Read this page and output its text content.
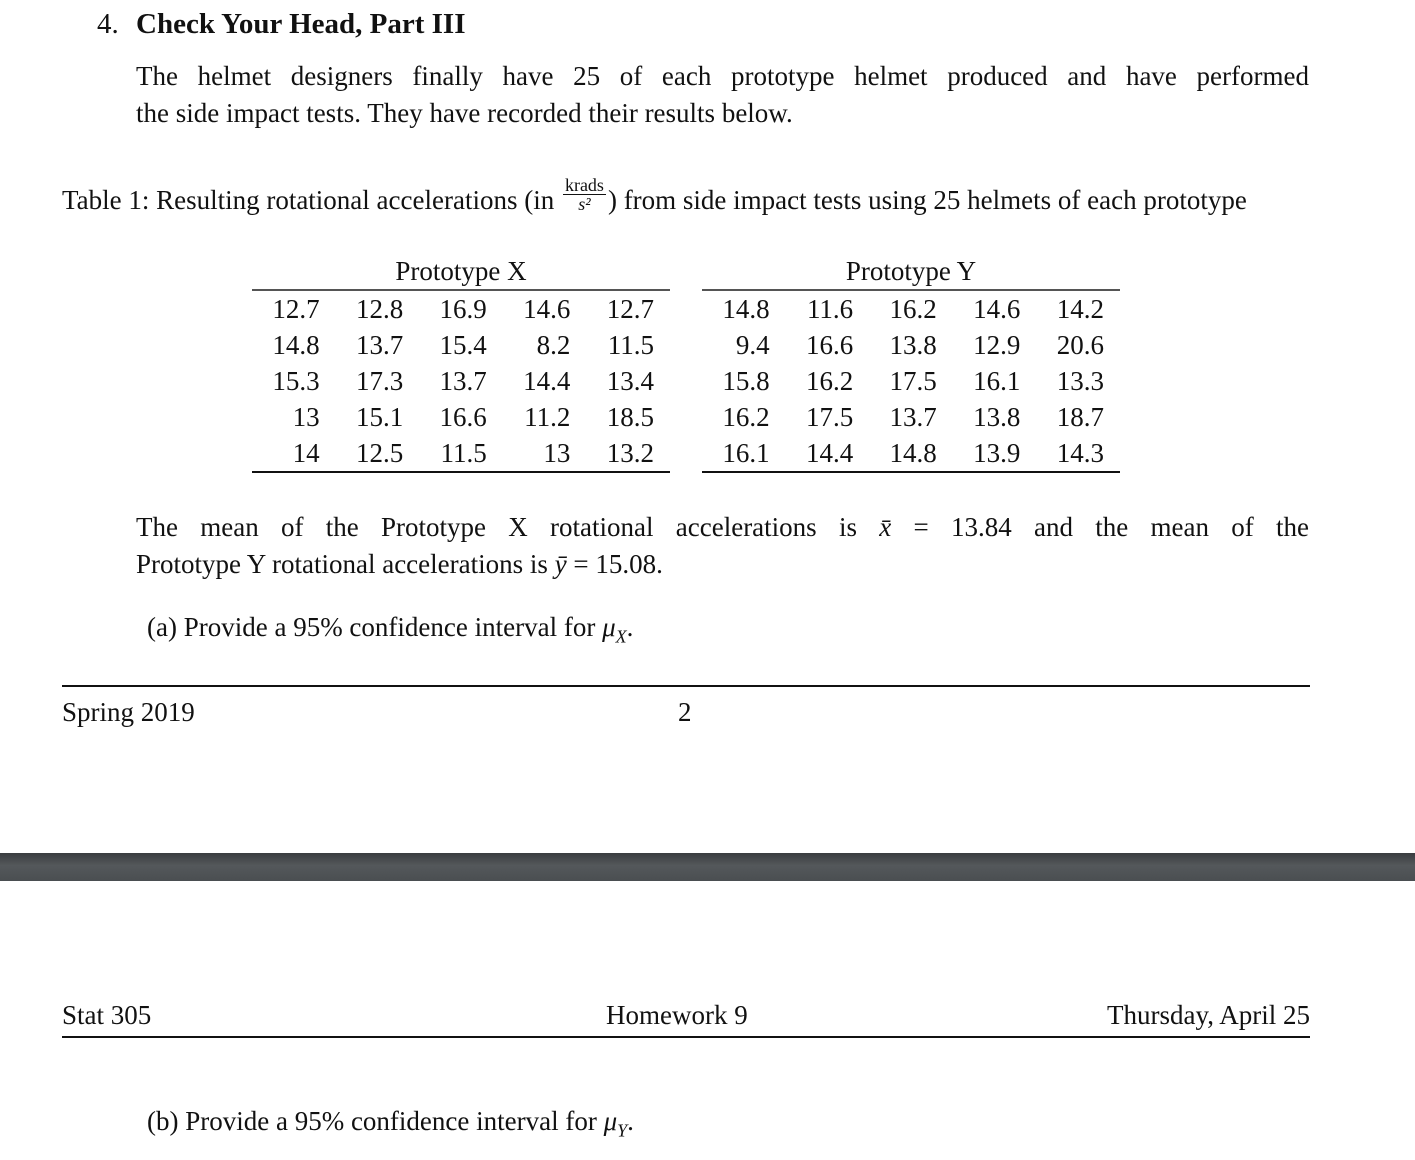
4. Check Your Head, Part III
The helmet designers finally have 25 of each prototype helmet produced and have performed
the side impact tests. They have recorded their results below.
Table 1: Resulting rotational accelerations ($in \frac{\text{krads}}{\text{s²}}$ ) from side impact tests using 25 helmets of each prototype
Prototype X				
12.7	12.8	16.9	14.6	12.7
14.8	13.7	15.4	8.2	11.5
15.3	17.3	13.7	14.4	13.4
13	15.1	16.6	11.2	18.5
14	12.5	11.5	13	13.2
Prototype Y				
14.8	11.6	16.2	14.6	14.2
9.4	16.6	13.8	12.9	20.6
15.8	16.2	17.5	16.1	13.3
16.2	17.5	13.7	13.8	18.7
16.1	14.4	14.8	13.9	14.3
The mean of the Prototype X rotational accelerations is x̄ = 13.84 and the mean of the
Prototype Y rotational accelerations is ȳ = 15.08.
(a) Provide a 95% confidence interval for $\mu_X$.
Spring 2019	2
Stat 305	Homework 9	Thursday, April 25
(b) Provide a 95% confidence interval for $\mu_Y$.
